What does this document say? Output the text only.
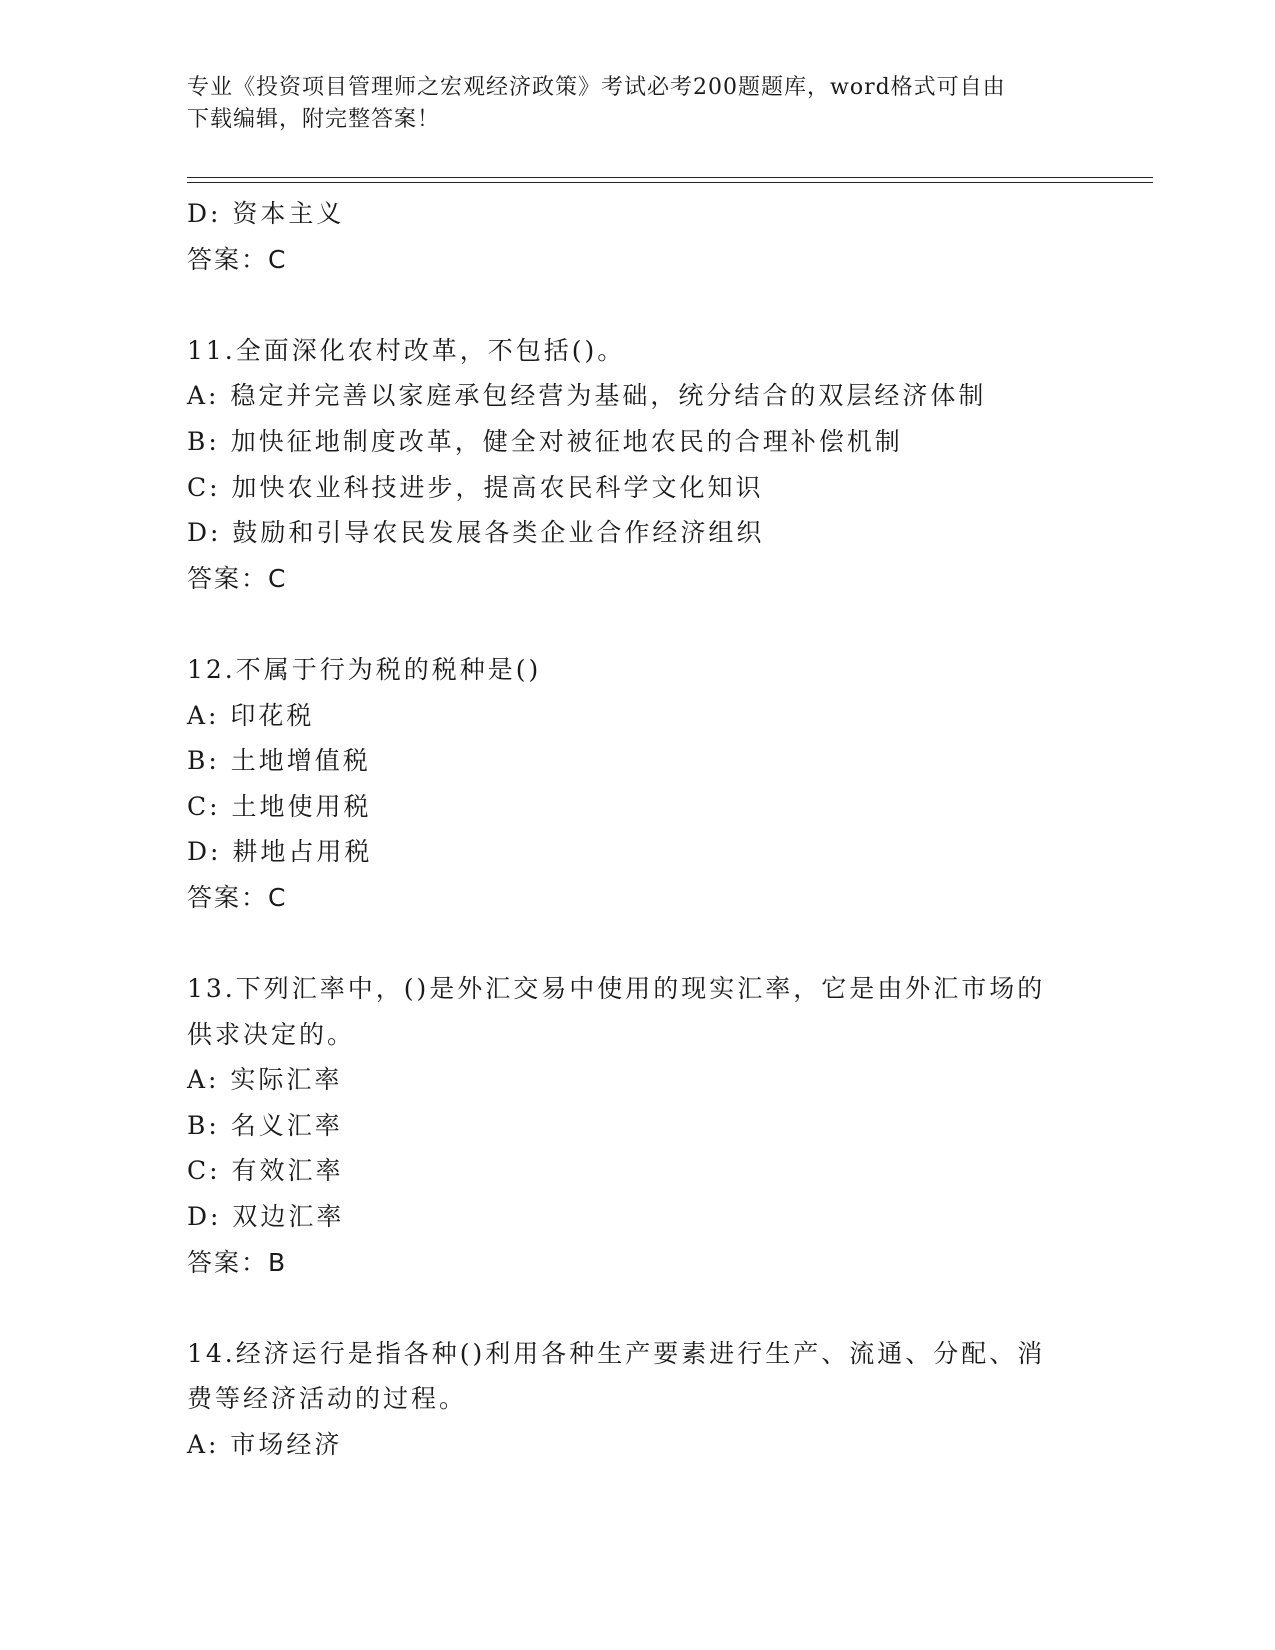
专业《投资项目管理师之宏观经济政策》考试必考200题题库，word格式可自由
下载编辑，附完整答案！
D: 资本主义
答案：C
11.全面深化农村改革，不包括()。
A: 稳定并完善以家庭承包经营为基础，统分结合的双层经济体制
B: 加快征地制度改革，健全对被征地农民的合理补偿机制
C: 加快农业科技进步，提高农民科学文化知识
D: 鼓励和引导农民发展各类企业合作经济组织
答案：C
12.不属于行为税的税种是()
A: 印花税
B: 土地增值税
C: 土地使用税
D: 耕地占用税
答案：C
13.下列汇率中，()是外汇交易中使用的现实汇率，它是由外汇市场的
供求决定的。
A: 实际汇率
B: 名义汇率
C: 有效汇率
D: 双边汇率
答案：B
14.经济运行是指各种()利用各种生产要素进行生产、流通、分配、消
费等经济活动的过程。
A: 市场经济
